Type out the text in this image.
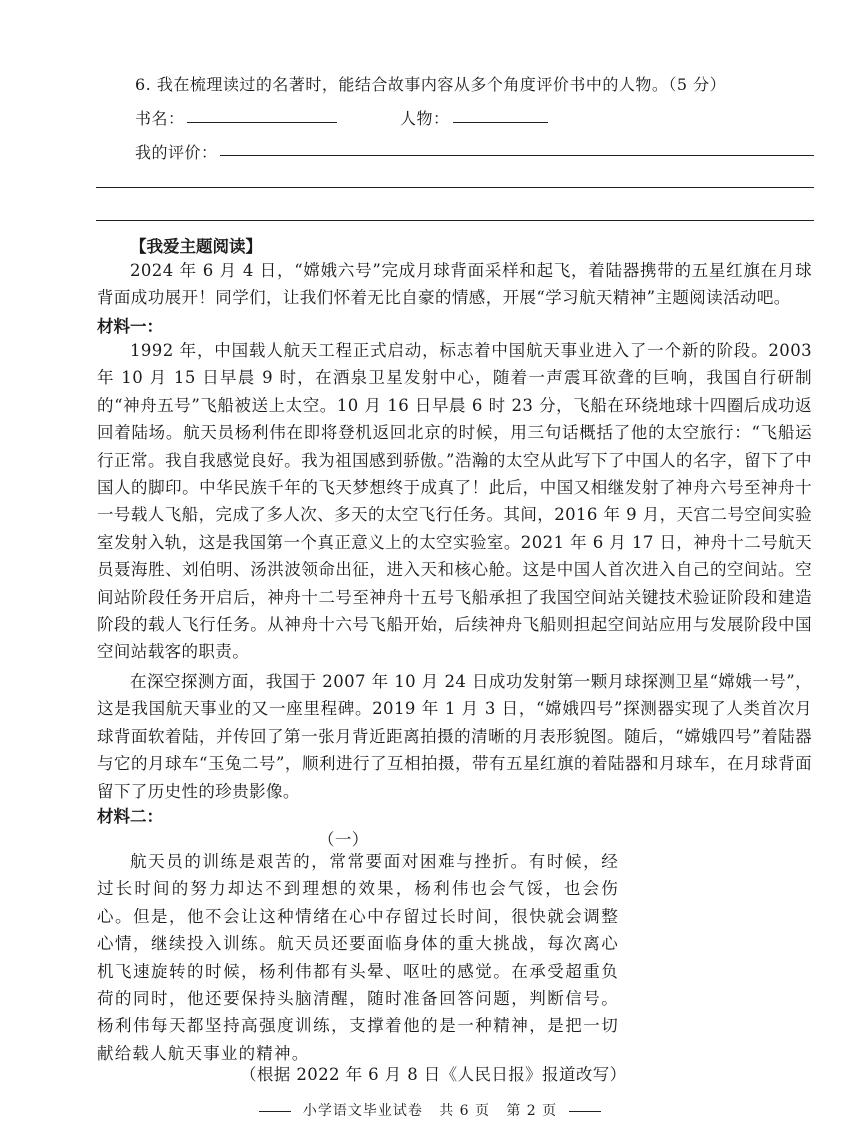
6. 我在梳理读过的名著时，能结合故事内容从多个角度评价书中的人物。（5 分）
书名：	人物：
我的评价：
【我爱主题阅读】

2024 年 6 月 4 日，“嫦娥六号”完成月球背面采样和起飞，着陆器携带的五星红旗在月球背面成功展开！同学们，让我们怀着无比自豪的情感，开展“学习航天精神”主题阅读活动吧。

材料一：

1992 年，中国载人航天工程正式启动，标志着中国航天事业进入了一个新的阶段。2003 年 10 月 15 日早晨 9 时，在酒泉卫星发射中心，随着一声震耳欲聋的巨响，我国自行研制的“神舟五号”飞船被送上太空。10 月 16 日早晨 6 时 23 分，飞船在环绕地球十四圈后成功返回着陆场。航天员杨利伟在即将登机返回北京的时候，用三句话概括了他的太空旅行：“飞船运行正常。我自我感觉良好。我为祖国感到骄傲。”浩瀚的太空从此写下了中国人的名字，留下了中国人的脚印。中华民族千年的飞天梦想终于成真了！此后，中国又相继发射了神舟六号至神舟十一号载人飞船，完成了多人次、多天的太空飞行任务。其间，2016 年 9 月，天宫二号空间实验室发射入轨，这是我国第一个真正意义上的太空实验室。2021 年 6 月 17 日，神舟十二号航天员聂海胜、刘伯明、汤洪波领命出征，进入天和核心舱。这是中国人首次进入自己的空间站。空间站阶段任务开启后，神舟十二号至神舟十五号飞船承担了我国空间站关键技术验证阶段和建造阶段的载人飞行任务。从神舟十六号飞船开始，后续神舟飞船则担起空间站应用与发展阶段中国空间站载客的职责。

在深空探测方面，我国于 2007 年 10 月 24 日成功发射第一颗月球探测卫星“嫦娥一号”，这是我国航天事业的又一座里程碑。2019 年 1 月 3 日，“嫦娥四号”探测器实现了人类首次月球背面软着陆，并传回了第一张月背近距离拍摄的清晰的月表形貌图。随后，“嫦娥四号”着陆器与它的月球车“玉兔二号”，顺利进行了互相拍摄，带有五星红旗的着陆器和月球车，在月球背面留下了历史性的珍贵影像。

材料二：
（一）

航天员的训练是艰苦的，常常要面对困难与挫折。有时候，经过长时间的努力却达不到理想的效果，杨利伟也会气馁，也会伤心。但是，他不会让这种情绪在心中存留过长时间，很快就会调整心情，继续投入训练。航天员还要面临身体的重大挑战，每次离心机飞速旋转的时候，杨利伟都有头晕、呕吐的感觉。在承受超重负荷的同时，他还要保持头脑清醒，随时准备回答问题，判断信号。杨利伟每天都坚持高强度训练，支撑着他的是一种精神，是把一切献给载人航天事业的精神。

（根据 2022 年 6 月 8 日《人民日报》报道改写）
小学语文毕业试卷 共 6 页 第 2 页
